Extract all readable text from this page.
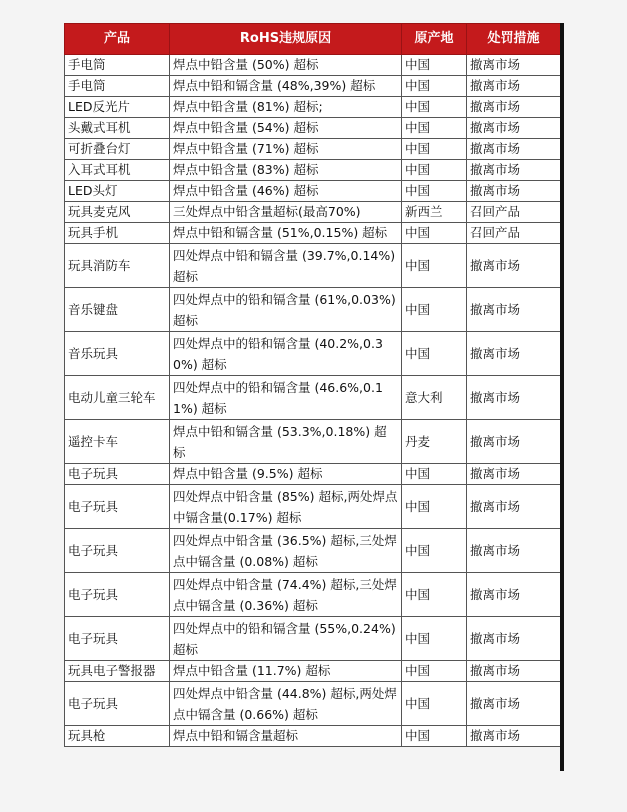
产品	RoHS违规原因	原产地	处罚措施
手电筒	焊点中铅含量 (50%) 超标	中国	撤离市场
手电筒	焊点中铅和镉含量 (48%,39%) 超标	中国	撤离市场
LED反光片	焊点中铅含量 (81%) 超标;	中国	撤离市场
头戴式耳机	焊点中铅含量 (54%) 超标	中国	撤离市场
可折叠台灯	焊点中铅含量 (71%) 超标	中国	撤离市场
入耳式耳机	焊点中铅含量 (83%) 超标	中国	撤离市场
LED头灯	焊点中铅含量 (46%) 超标	中国	撤离市场
玩具麦克风	三处焊点中铅含量超标(最高70%)	新西兰	召回产品
玩具手机	焊点中铅和镉含量 (51%,0.15%) 超标	中国	召回产品
玩具消防车	四处焊点中铅和镉含量 (39.7%,0.14%) 超标	中国	撤离市场
音乐键盘	四处焊点中的铅和镉含量 (61%,0.03%) 超标	中国	撤离市场
音乐玩具	四处焊点中的铅和镉含量 (40.2%,0.30%) 超标	中国	撤离市场
电动儿童三轮车	四处焊点中的铅和镉含量 (46.6%,0.11%) 超标	意大利	撤离市场
遥控卡车	焊点中铅和镉含量 (53.3%,0.18%) 超标	丹麦	撤离市场
电子玩具	焊点中铅含量 (9.5%) 超标	中国	撤离市场
电子玩具	四处焊点中铅含量 (85%) 超标,两处焊点中镉含量(0.17%) 超标	中国	撤离市场
电子玩具	四处焊点中铅含量 (36.5%) 超标,三处焊点中镉含量 (0.08%) 超标	中国	撤离市场
电子玩具	四处焊点中铅含量 (74.4%) 超标,三处焊点中镉含量 (0.36%) 超标	中国	撤离市场
电子玩具	四处焊点中的铅和镉含量 (55%,0.24%) 超标	中国	撤离市场
玩具电子警报器	焊点中铅含量 (11.7%) 超标	中国	撤离市场
电子玩具	四处焊点中铅含量 (44.8%) 超标,两处焊点中镉含量 (0.66%) 超标	中国	撤离市场
玩具枪	焊点中铅和镉含量超标	中国	撤离市场
